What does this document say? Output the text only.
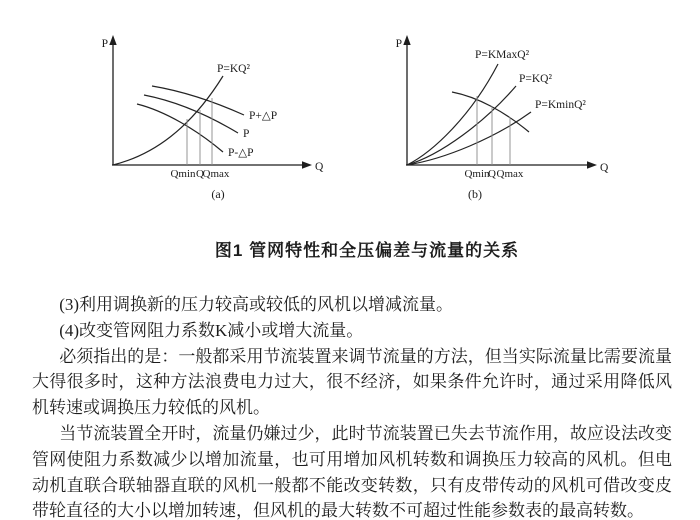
P
Q
P=KQ²
P+△P
P
P-△P
Qmin Q
Qmax
(a)
P
Q
P=KMaxQ²
P=KQ²
P=KminQ²
Qmin
Q Qmax
(b)
图1 管网特性和全压偏差与流量的关系

(3)利用调换新的压力较高或较低的风机以增减流量。

(4)改变管网阻力系数K减小或增大流量。

必须指出的是：一般都采用节流装置来调节流量的方法，但当实际流量比需要流量大得很多时，这种方法浪费电力过大，很不经济，如果条件允许时，通过采用降低风机转速或调换压力较低的风机。

当节流装置全开时，流量仍嫌过少，此时节流装置已失去节流作用，故应设法改变管网使阻力系数减少以增加流量，也可用增加风机转数和调换压力较高的风机。但电动机直联合联轴器直联的风机一般都不能改变转数，只有皮带传动的风机可借改变皮带轮直径的大小以增加转速，但风机的最大转数不可超过性能参数表的最高转数。
